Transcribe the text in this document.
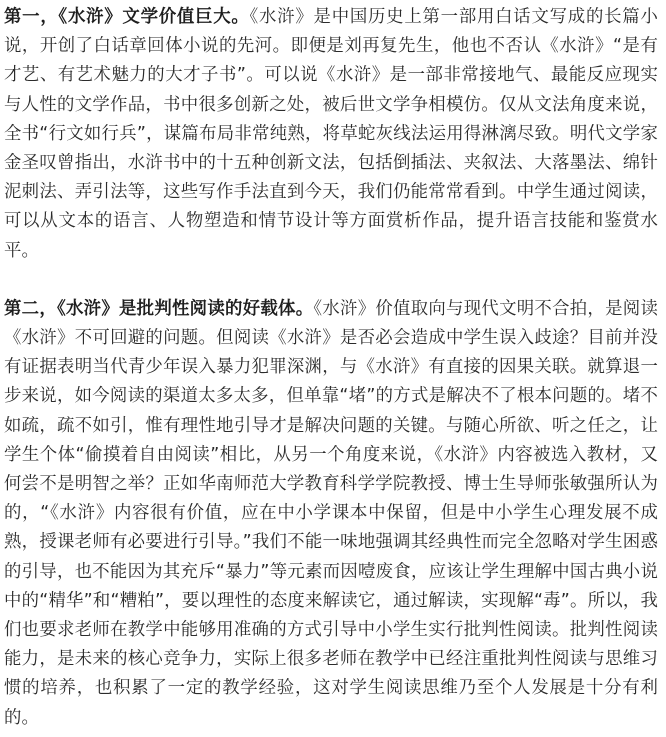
第一，《水浒》文学价值巨大。《水浒》是中国历史上第一部用白话文写成的长篇小说，开创了白话章回体小说的先河。即便是刘再复先生，他也不否认《水浒》“是有才艺、有艺术魅力的大才子书”。可以说《水浒》是一部非常接地气、最能反应现实与人性的文学作品，书中很多创新之处，被后世文学争相模仿。仅从文法角度来说，全书“行文如行兵”，谋篇布局非常纯熟，将草蛇灰线法运用得淋漓尽致。明代文学家金圣叹曾指出，水浒书中的十五种创新文法，包括倒插法、夹叙法、大落墨法、绵针泥刺法、弄引法等，这些写作手法直到今天，我们仍能常常看到。中学生通过阅读，可以从文本的语言、人物塑造和情节设计等方面赏析作品，提升语言技能和鉴赏水平。

第二，《水浒》是批判性阅读的好载体。《水浒》价值取向与现代文明不合拍，是阅读《水浒》不可回避的问题。但阅读《水浒》是否必会造成中学生误入歧途？目前并没有证据表明当代青少年误入暴力犯罪深渊，与《水浒》有直接的因果关联。就算退一步来说，如今阅读的渠道太多太多，但单靠“堵”的方式是解决不了根本问题的。堵不如疏，疏不如引，惟有理性地引导才是解决问题的关键。与随心所欲、听之任之，让学生个体“偷摸着自由阅读”相比，从另一个角度来说，《水浒》内容被选入教材，又何尝不是明智之举？正如华南师范大学教育科学学院教授、博士生导师张敏强所认为的，“《水浒》内容很有价值，应在中小学课本中保留，但是中小学生心理发展不成熟，授课老师有必要进行引导。”我们不能一味地强调其经典性而完全忽略对学生困惑的引导，也不能因为其充斥“暴力”等元素而因噎废食，应该让学生理解中国古典小说中的“精华”和“糟粕”，要以理性的态度来解读它，通过解读，实现解“毒”。所以，我们也要求老师在教学中能够用准确的方式引导中小学生实行批判性阅读。批判性阅读能力，是未来的核心竞争力，实际上很多老师在教学中已经注重批判性阅读与思维习惯的培养，也积累了一定的教学经验，这对学生阅读思维乃至个人发展是十分有利的。
